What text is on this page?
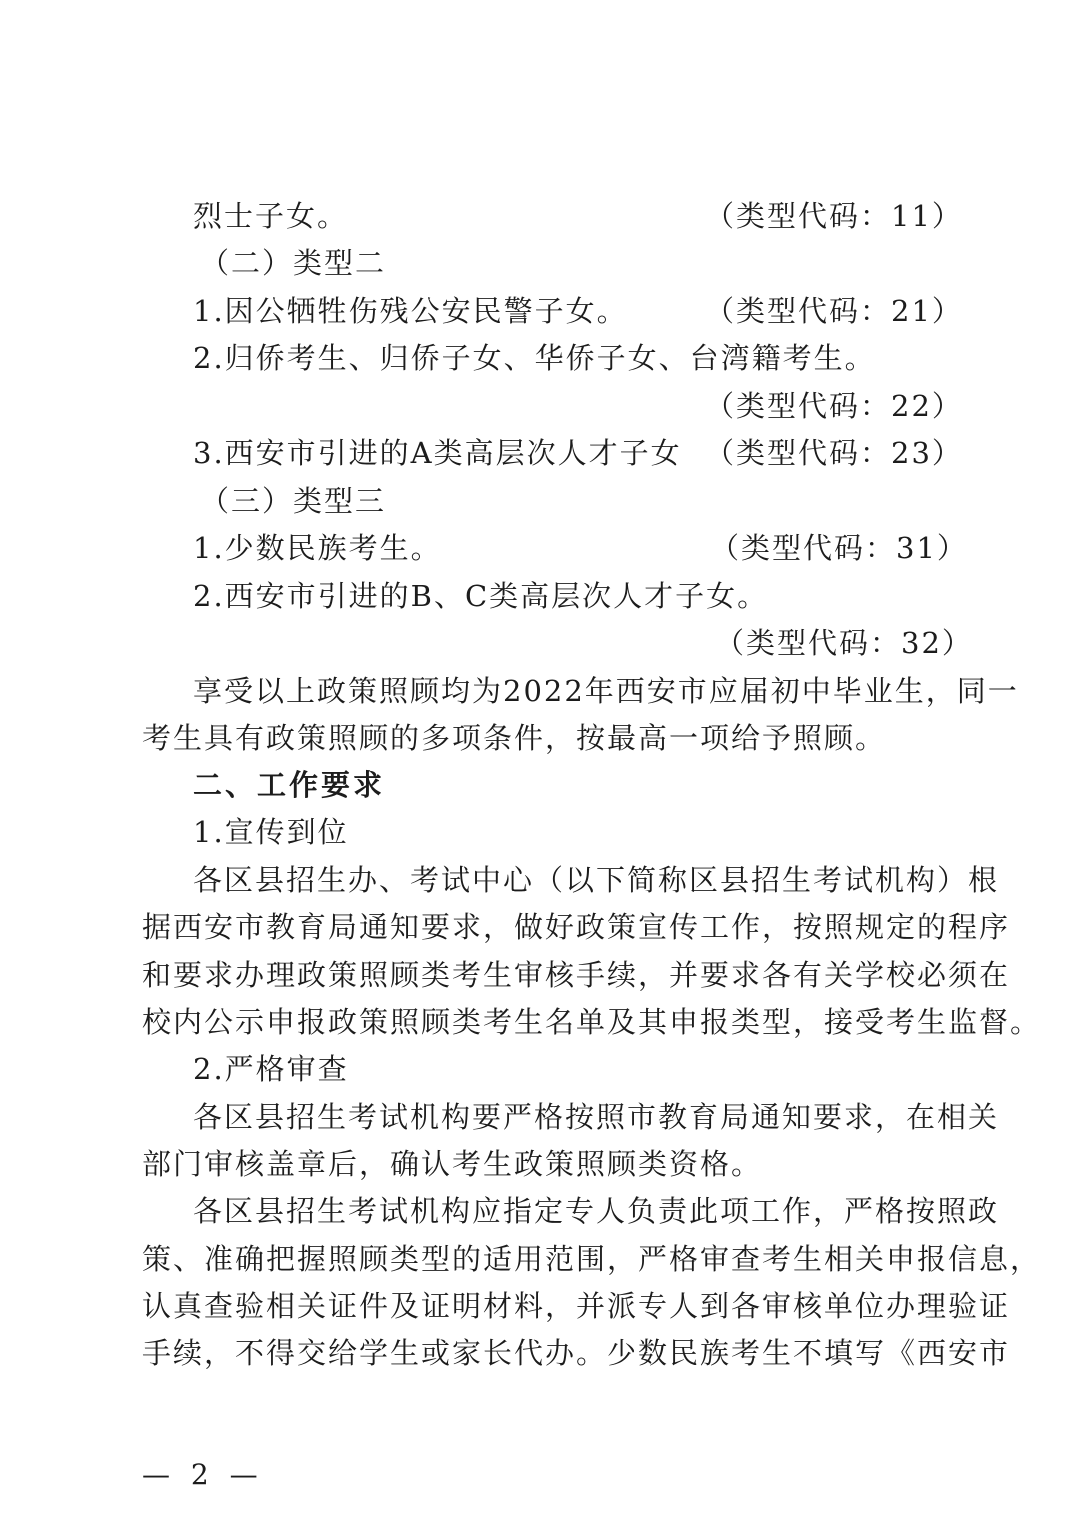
烈士子女。	（类型代码：11）
（二）类型二
1.因公牺牲伤残公安民警子女。	（类型代码：21）
2.归侨考生、归侨子女、华侨子女、台湾籍考生。
（类型代码：22）
3.西安市引进的A类高层次人才子女 （类型代码：23）
（三）类型三
1.少数民族考生。	（类型代码：31）
2.西安市引进的B、C类高层次人才子女。
（类型代码：32）
享受以上政策照顾均为2022年西安市应届初中毕业生，同一
考生具有政策照顾的多项条件，按最高一项给予照顾。
二、工作要求
1.宣传到位
各区县招生办、考试中心（以下简称区县招生考试机构）根
据西安市教育局通知要求，做好政策宣传工作，按照规定的程序
和要求办理政策照顾类考生审核手续，并要求各有关学校必须在
校内公示申报政策照顾类考生名单及其申报类型，接受考生监督。
2.严格审查
各区县招生考试机构要严格按照市教育局通知要求，在相关
部门审核盖章后，确认考生政策照顾类资格。
各区县招生考试机构应指定专人负责此项工作，严格按照政
策、准确把握照顾类型的适用范围，严格审查考生相关申报信息，
认真查验相关证件及证明材料，并派专人到各审核单位办理验证
手续，不得交给学生或家长代办。少数民族考生不填写《西安市
— 2 —
